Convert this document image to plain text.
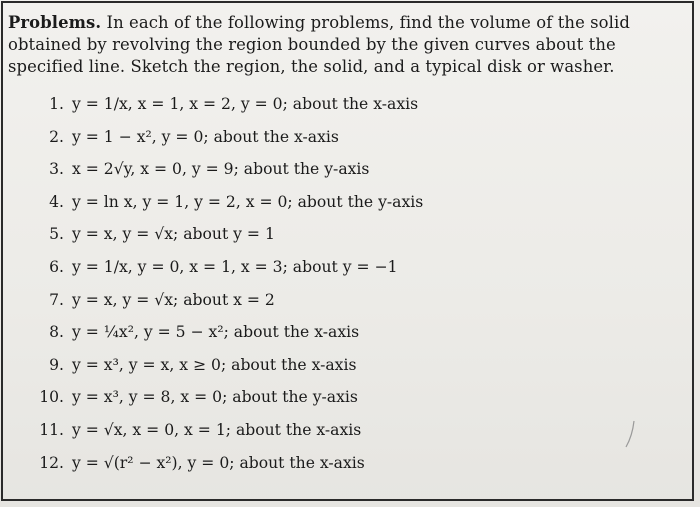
Problems. In each of the following problems, find the volume of the solid obtained by revolving the region bounded by the given curves about the specified line. Sketch the region, the solid, and a typical disk or washer.
1. y = 1/x, x = 1, x = 2, y = 0; about the x-axis
2. y = 1 − x², y = 0; about the x-axis
3. x = 2√y, x = 0, y = 9; about the y-axis
4. y = ln x, y = 1, y = 2, x = 0; about the y-axis
5. y = x, y = √x; about y = 1
6. y = 1/x, y = 0, x = 1, x = 3; about y = −1
7. y = x, y = √x; about x = 2
8. y = ¼x², y = 5 − x²; about the x-axis
9. y = x³, y = x, x ≥ 0; about the x-axis
10. y = x³, y = 8, x = 0; about the y-axis
11. y = √x, x = 0, x = 1; about the x-axis
12. y = √(r² − x²), y = 0; about the x-axis
